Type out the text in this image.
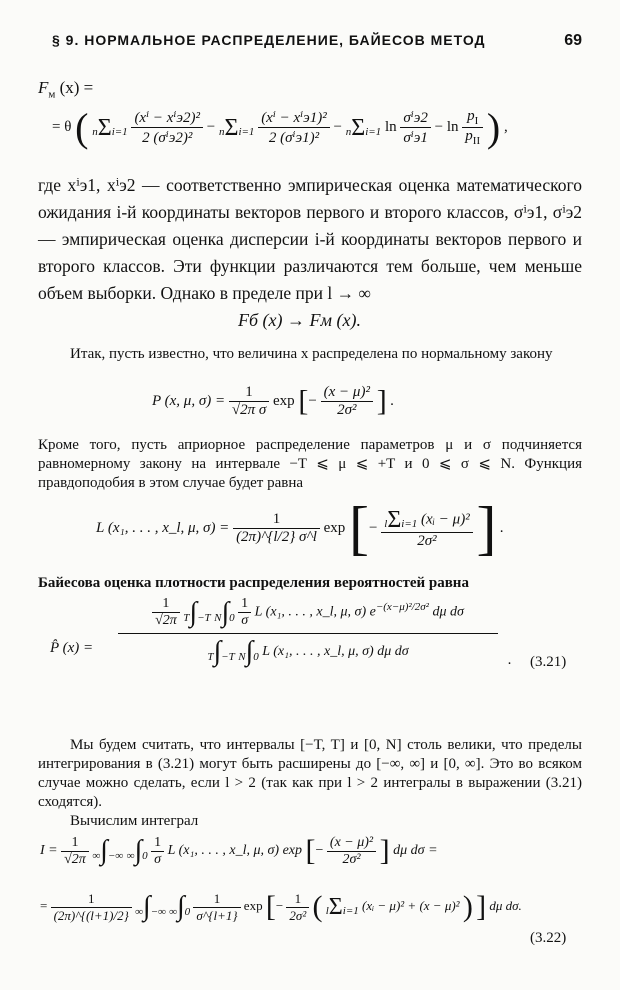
§ 9. НОРМАЛЬНОЕ РАСПРЕДЕЛЕНИЕ, БАЙЕСОВ МЕТОД	69
$F_м$ (x) =
= θ ( $n\Sigma i=1 \frac{\text{(xⁱ − xⁱэ2)²}}{\text{2 (σⁱэ2)²}} - n\Sigma i=1 \frac{\text{(xⁱ − xⁱэ1)²}}{\text{2 (σⁱэ1)²}} - n\Sigma i=1$ $\ln \frac{\text{σⁱэ2}}{\text{σⁱэ1}} - \ln \frac{p_I}{p_{II}}$ ) ,
где xⁱэ1, xⁱэ2 — соответственно эмпирическая оценка математического ожидания i-й координаты векторов первого и второго классов, σⁱэ1, σⁱэ2 — эмпирическая оценка дисперсии i-й координаты векторов первого и второго классов. Эти функции различаются тем больше, чем меньше объем выборки. Однако в пределе при l → ∞
Fб (x) → Fм (x).
Итак, пусть известно, что величина x распределена по нормальному закону
P (x, μ, $\sigma) = \frac{1}{\text{√2π σ}}$ exp [− $\frac{\text{(x − μ)²}}{\text{2σ²}}$ ] .
Кроме того, пусть априорное распределение параметров μ и σ подчиняется равномерному закону на интервале −T ⩽ μ ⩽ +T и 0 ⩽ σ ⩽ N. Функция правдоподобия в этом случае будет равна
L (x₁, . . . , x_l, μ, $\sigma) = \frac{1}{(2\pi)\^{}\{l/2\} \sigma\^{}l}$ exp [− $\frac{\text{lΣi=1 (xᵢ − μ)²}}{\text{2σ²}}$ ] .
Байесова оценка плотности распределения вероятностей равна
P̂ (x) =
$\frac{1}{√2\pi} T\int-T$ $N\int 0 \frac{1}{\sigma}$ L (x₁, . . . , x_l, μ, σ) $e^{-(x-\mu)^2/2\sigma^2}$ dμ dσ
T∫−T N∫0 L (x₁, . . . , x_l, μ, σ) dμ dσ
. (3.21)
Мы будем считать, что интервалы [−T, T] и [0, N] столь велики, что пределы интегрирования в (3.21) могут быть расширены до [−∞, ∞] и [0, ∞]. Это во всяком случае можно сделать, если l > 2 (так как при l > 2 интегралы в выражении (3.21) сходятся).
Вычислим интеграл
$I = \frac{1}{√2\pi}$ ∞∫−∞ $\infty\int 0 \frac{1}{\sigma}$ L (x₁, . . . , x_l, μ, σ) exp [− $\frac{\text{(x − μ)²}}{\text{2σ²}}$ ] dμ dσ =
= $\frac{1}{(2\pi)\^{}\{(l+1)/2\}}$ ∞∫−∞ $\infty\int 0 \frac{1}{\sigma\^{}\{l+1\}}$ exp [− $\frac{1}{\text{2σ²}}$ ( lΣi=1 (xᵢ − μ)² + (x − μ)² ) ] dμ dσ.
(3.22)
